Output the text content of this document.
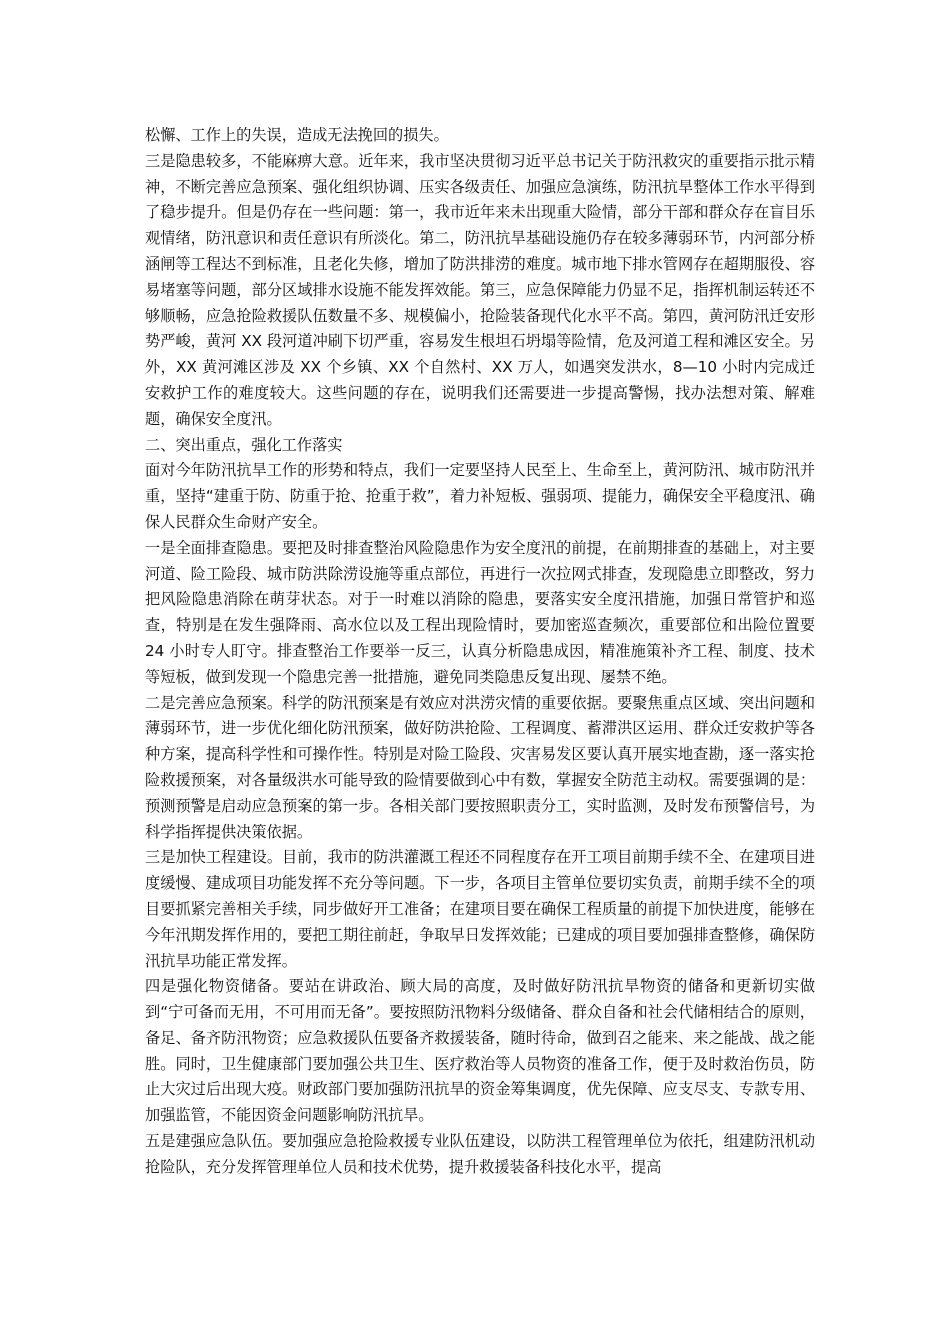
松懈、工作上的失误，造成无法挽回的损失。

三是隐患较多，不能麻痹大意。近年来，我市坚决贯彻习近平总书记关于防汛救灾的重要指示批示精神，不断完善应急预案、强化组织协调、压实各级责任、加强应急演练，防汛抗旱整体工作水平得到了稳步提升。但是仍存在一些问题：第一，我市近年来未出现重大险情，部分干部和群众存在盲目乐观情绪，防汛意识和责任意识有所淡化。第二，防汛抗旱基础设施仍存在较多薄弱环节，内河部分桥涵闸等工程达不到标准，且老化失修，增加了防洪排涝的难度。城市地下排水管网存在超期服役、容易堵塞等问题，部分区域排水设施不能发挥效能。第三，应急保障能力仍显不足，指挥机制运转还不够顺畅，应急抢险救援队伍数量不多、规模偏小，抢险装备现代化水平不高。第四，黄河防汛迁安形势严峻，黄河 XX 段河道冲刷下切严重，容易发生根坦石坍塌等险情，危及河道工程和滩区安全。另外，XX 黄河滩区涉及 XX 个乡镇、XX 个自然村、XX 万人，如遇突发洪水，8—10 小时内完成迁安救护工作的难度较大。这些问题的存在，说明我们还需要进一步提高警惕，找办法想对策、解难题，确保安全度汛。

二、突出重点，强化工作落实

面对今年防汛抗旱工作的形势和特点，我们一定要坚持人民至上、生命至上，黄河防汛、城市防汛并重，坚持“建重于防、防重于抢、抢重于救”，着力补短板、强弱项、提能力，确保安全平稳度汛、确保人民群众生命财产安全。

一是全面排查隐患。要把及时排查整治风险隐患作为安全度汛的前提，在前期排查的基础上，对主要河道、险工险段、城市防洪除涝设施等重点部位，再进行一次拉网式排查，发现隐患立即整改，努力把风险隐患消除在萌芽状态。对于一时难以消除的隐患，要落实安全度汛措施，加强日常管护和巡查，特别是在发生强降雨、高水位以及工程出现险情时，要加密巡查频次，重要部位和出险位置要 24 小时专人盯守。排查整治工作要举一反三，认真分析隐患成因，精准施策补齐工程、制度、技术等短板，做到发现一个隐患完善一批措施，避免同类隐患反复出现、屡禁不绝。

二是完善应急预案。科学的防汛预案是有效应对洪涝灾情的重要依据。要聚焦重点区域、突出问题和薄弱环节，进一步优化细化防汛预案，做好防洪抢险、工程调度、蓄滞洪区运用、群众迁安救护等各种方案，提高科学性和可操作性。特别是对险工险段、灾害易发区要认真开展实地查勘，逐一落实抢险救援预案，对各量级洪水可能导致的险情要做到心中有数，掌握安全防范主动权。需要强调的是：预测预警是启动应急预案的第一步。各相关部门要按照职责分工，实时监测，及时发布预警信号，为科学指挥提供决策依据。

三是加快工程建设。目前，我市的防洪灌溉工程还不同程度存在开工项目前期手续不全、在建项目进度缓慢、建成项目功能发挥不充分等问题。下一步，各项目主管单位要切实负责，前期手续不全的项目要抓紧完善相关手续，同步做好开工准备；在建项目要在确保工程质量的前提下加快进度，能够在今年汛期发挥作用的，要把工期往前赶，争取早日发挥效能；已建成的项目要加强排查整修，确保防汛抗旱功能正常发挥。

四是强化物资储备。要站在讲政治、顾大局的高度，及时做好防汛抗旱物资的储备和更新切实做到“宁可备而无用，不可用而无备”。要按照防汛物料分级储备、群众自备和社会代储相结合的原则，备足、备齐防汛物资；应急救援队伍要备齐救援装备，随时待命，做到召之能来、来之能战、战之能胜。同时，卫生健康部门要加强公共卫生、医疗救治等人员物资的准备工作，便于及时救治伤员，防止大灾过后出现大疫。财政部门要加强防汛抗旱的资金筹集调度，优先保障、应支尽支、专款专用、加强监管，不能因资金问题影响防汛抗旱。

五是建强应急队伍。要加强应急抢险救援专业队伍建设，以防洪工程管理单位为依托，组建防汛机动抢险队，充分发挥管理单位人员和技术优势，提升救援装备科技化水平，提高
